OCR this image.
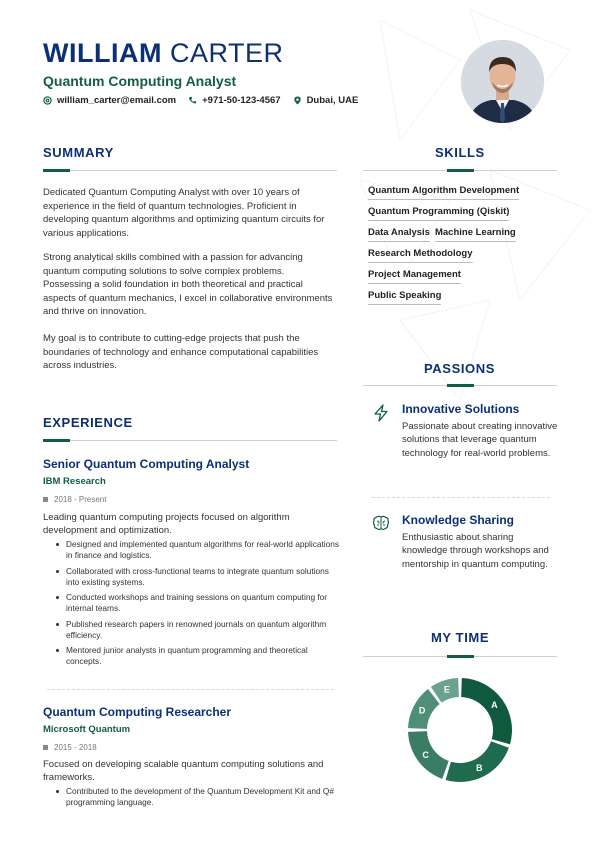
WILLIAM CARTER
Quantum Computing Analyst
william_carter@email.com	+971-50-123-4567	Dubai, UAE
SUMMARY
Dedicated Quantum Computing Analyst with over 10 years of experience in the field of quantum technologies. Proficient in developing quantum algorithms and optimizing quantum circuits for various applications.
Strong analytical skills combined with a passion for advancing quantum computing solutions to solve complex problems. Possessing a solid foundation in both theoretical and practical aspects of quantum mechanics, I excel in collaborative environments and thrive on innovation.
My goal is to contribute to cutting-edge projects that push the boundaries of technology and enhance computational capabilities across industries.
EXPERIENCE
Senior Quantum Computing Analyst
IBM Research
2018 - Present
Leading quantum computing projects focused on algorithm development and optimization.
Designed and implemented quantum algorithms for real-world applications in finance and logistics.
Collaborated with cross-functional teams to integrate quantum solutions into existing systems.
Conducted workshops and training sessions on quantum computing for internal teams.
Published research papers in renowned journals on quantum algorithm efficiency.
Mentored junior analysts in quantum programming and theoretical concepts.
Quantum Computing Researcher
Microsoft Quantum
2015 - 2018
Focused on developing scalable quantum computing solutions and frameworks.
Contributed to the development of the Quantum Development Kit and Q# programming language.
SKILLS
Quantum Algorithm Development
Quantum Programming (Qiskit)
Data Analysis Machine Learning
Research Methodology
Project Management
Public Speaking
PASSIONS
Innovative Solutions
Passionate about creating innovative solutions that leverage quantum technology for real-world problems.
Knowledge Sharing
Enthusiastic about sharing knowledge through workshops and mentorship in quantum computing.
MY TIME
A
B
C
D
E
